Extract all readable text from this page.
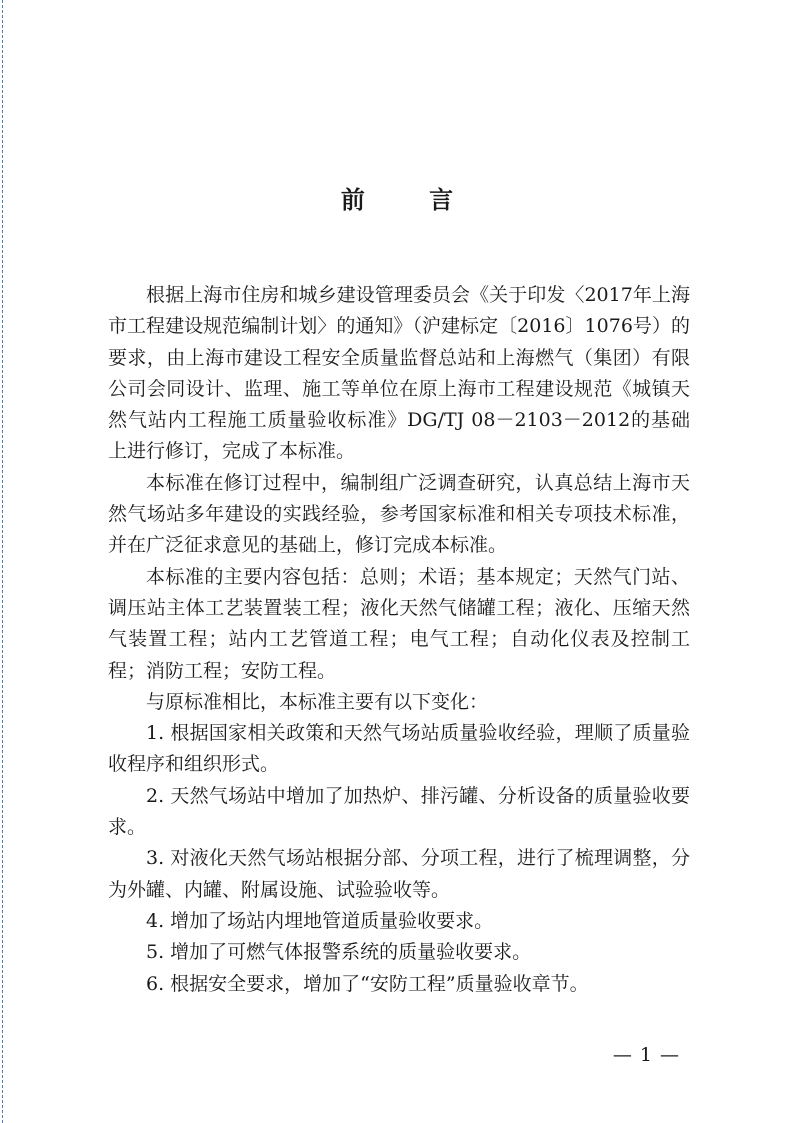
前 言

根据上海市住房和城乡建设管理委员会《关于印发〈2017年上海市工程建设规范编制计划〉的通知》（沪建标定〔2016〕1076号）的要求，由上海市建设工程安全质量监督总站和上海燃气（集团）有限公司会同设计、监理、施工等单位在原上海市工程建设规范《城镇天然气站内工程施工质量验收标准》DG/TJ 08－2103－2012的基础上进行修订，完成了本标准。

本标准在修订过程中，编制组广泛调查研究，认真总结上海市天然气场站多年建设的实践经验，参考国家标准和相关专项技术标准，并在广泛征求意见的基础上，修订完成本标准。

本标准的主要内容包括：总则；术语；基本规定；天然气门站、调压站主体工艺装置装工程；液化天然气储罐工程；液化、压缩天然气装置工程；站内工艺管道工程；电气工程；自动化仪表及控制工程；消防工程；安防工程。

与原标准相比，本标准主要有以下变化：

1. 根据国家相关政策和天然气场站质量验收经验，理顺了质量验收程序和组织形式。

2. 天然气场站中增加了加热炉、排污罐、分析设备的质量验收要求。

3. 对液化天然气场站根据分部、分项工程，进行了梳理调整，分为外罐、内罐、附属设施、试验验收等。

4. 增加了场站内埋地管道质量验收要求。

5. 增加了可燃气体报警系统的质量验收要求。

6. 根据安全要求，增加了“安防工程”质量验收章节。

— 1 —
